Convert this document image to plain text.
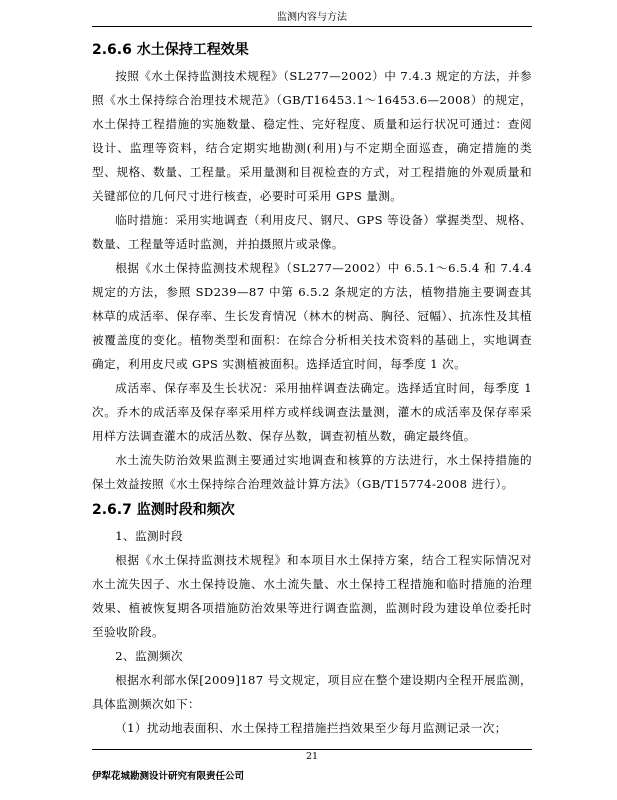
监测内容与方法
2.6.6 水土保持工程效果

按照《水土保持监测技术规程》（SL277—2002）中 7.4.3 规定的方法，并参照《水土保持综合治理技术规范》（GB/T16453.1～16453.6—2008）的规定，水土保持工程措施的实施数量、稳定性、完好程度、质量和运行状况可通过：查阅设计、监理等资料，结合定期实地勘测(利用)与不定期全面巡查，确定措施的类型、规格、数量、工程量。采用量测和目视检查的方式，对工程措施的外观质量和关键部位的几何尺寸进行核查，必要时可采用 GPS 量测。

临时措施：采用实地调查（利用皮尺、钢尺、GPS 等设备）掌握类型、规格、数量、工程量等适时监测，并拍摄照片或录像。

根据《水土保持监测技术规程》（SL277—2002）中 6.5.1～6.5.4 和 7.4.4 规定的方法，参照 SD239—87 中第 6.5.2 条规定的方法，植物措施主要调查其林草的成活率、保存率、生长发育情况（林木的树高、胸径、冠幅）、抗冻性及其植被覆盖度的变化。植物类型和面积：在综合分析相关技术资料的基础上，实地调查确定，利用皮尺或 GPS 实测植被面积。选择适宜时间，每季度 1 次。

成活率、保存率及生长状况：采用抽样调查法确定。选择适宜时间，每季度 1 次。乔木的成活率及保存率采用样方或样线调查法量测，灌木的成活率及保存率采用样方法调查灌木的成活丛数、保存丛数，调查初植丛数，确定最终值。

水土流失防治效果监测主要通过实地调查和核算的方法进行，水土保持措施的保土效益按照《水土保持综合治理效益计算方法》（GB/T15774-2008 进行）。

2.6.7 监测时段和频次

1、监测时段

根据《水土保持监测技术规程》和本项目水土保持方案，结合工程实际情况对水土流失因子、水土保持设施、水土流失量、水土保持工程措施和临时措施的治理效果、植被恢复期各项措施防治效果等进行调查监测，监测时段为建设单位委托时至验收阶段。

2、监测频次

根据水利部水保[2009]187 号文规定，项目应在整个建设期内全程开展监测，具体监测频次如下：

（1）扰动地表面积、水土保持工程措施拦挡效果至少每月监测记录一次；

21
伊犁花城勘测设计研究有限责任公司
